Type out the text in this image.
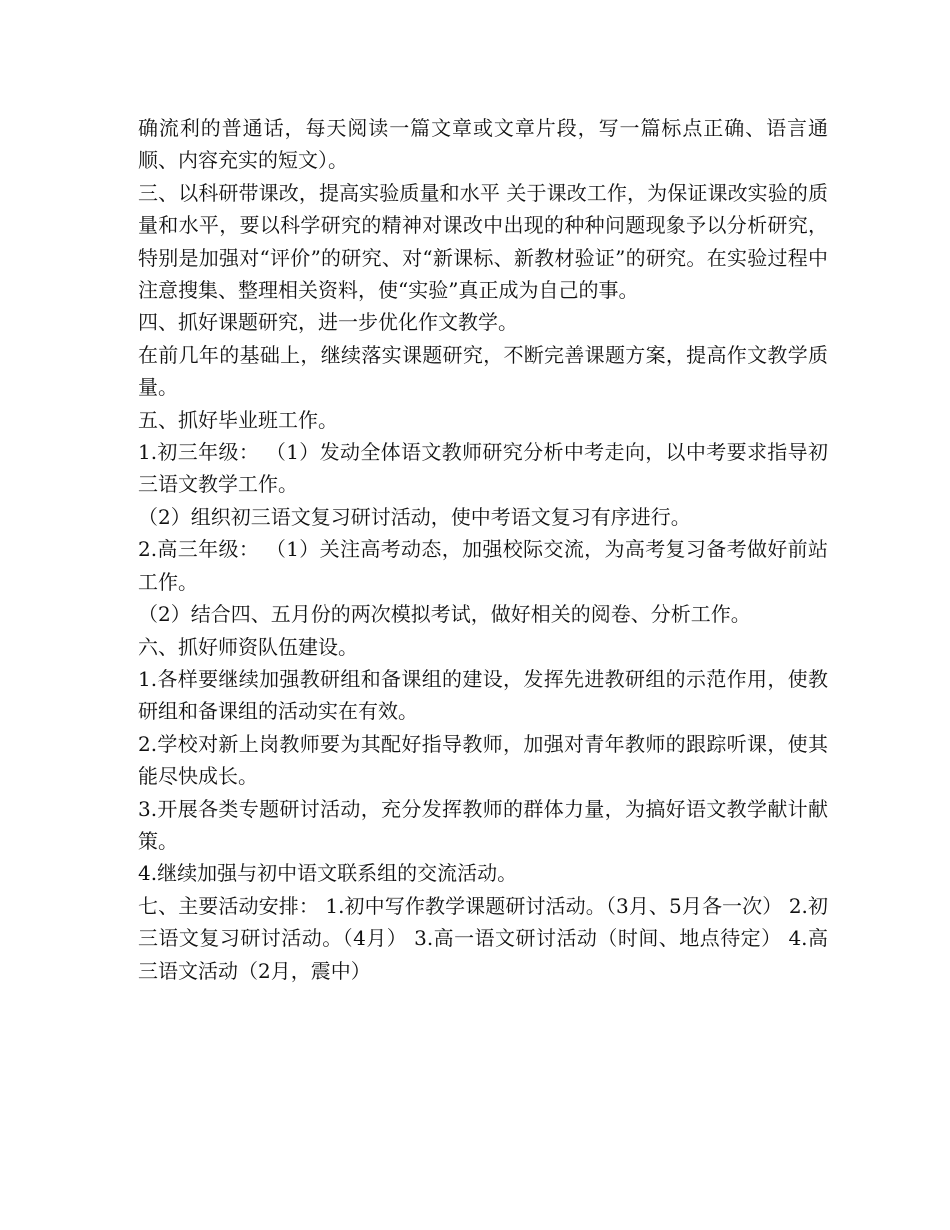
确流利的普通话，每天阅读一篇文章或文章片段，写一篇标点正确、语言通顺、内容充实的短文）。

三、以科研带课改，提高实验质量和水平 关于课改工作，为保证课改实验的质量和水平，要以科学研究的精神对课改中出现的种种问题现象予以分析研究，特别是加强对“评价”的研究、对“新课标、新教材验证”的研究。在实验过程中注意搜集、整理相关资料，使“实验”真正成为自己的事。

四、抓好课题研究，进一步优化作文教学。

在前几年的基础上，继续落实课题研究，不断完善课题方案，提高作文教学质量。

五、抓好毕业班工作。

1.初三年级： （1）发动全体语文教师研究分析中考走向，以中考要求指导初三语文教学工作。

（2）组织初三语文复习研讨活动，使中考语文复习有序进行。

2.高三年级： （1）关注高考动态，加强校际交流，为高考复习备考做好前站工作。

（2）结合四、五月份的两次模拟考试，做好相关的阅卷、分析工作。

六、抓好师资队伍建设。

1.各样要继续加强教研组和备课组的建设，发挥先进教研组的示范作用，使教研组和备课组的活动实在有效。

2.学校对新上岗教师要为其配好指导教师，加强对青年教师的跟踪听课，使其能尽快成长。

3.开展各类专题研讨活动，充分发挥教师的群体力量，为搞好语文教学献计献策。

4.继续加强与初中语文联系组的交流活动。

七、主要活动安排： 1.初中写作教学课题研讨活动。（3月、5月各一次） 2.初三语文复习研讨活动。（4月） 3.高一语文研讨活动（时间、地点待定） 4.高三语文活动（2月，震中）
